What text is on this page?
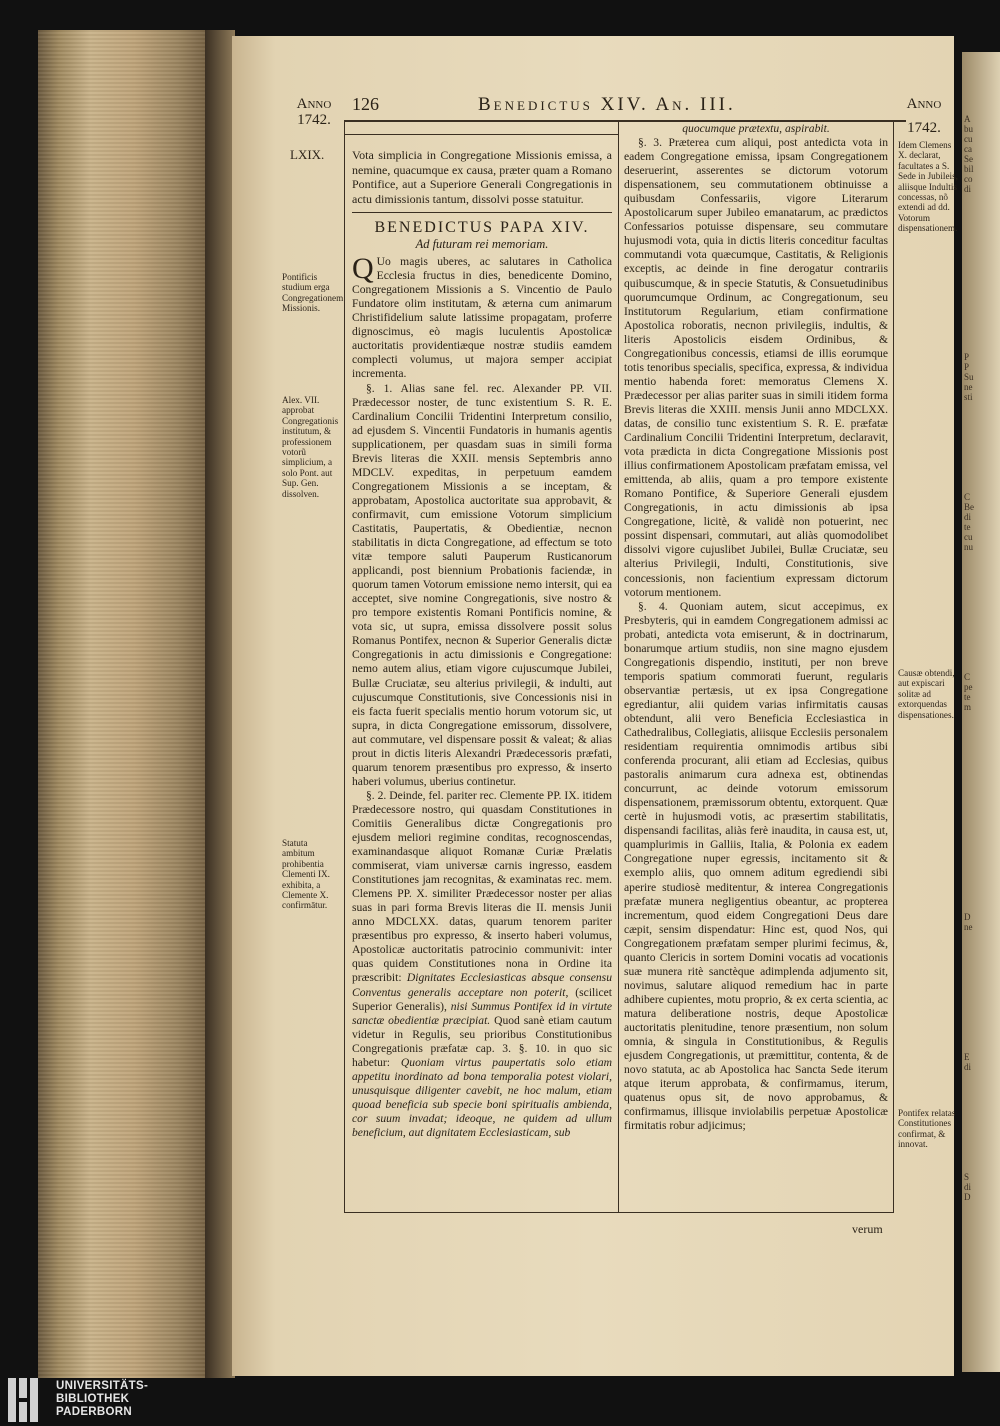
A
bu
cu
ca
Se
bil
co
di
P
P
Su
ne
sti
C
Be
di
te
cu
nu
C
pe
te
m
D
ne
E
di
S
di
D
Anno
1742.
126	Benedictus XIV. An. III.	Anno
1742.
LXIX.
Pontificis studium erga Congregationem Missionis.
Alex. VII. approbat Congregationis institutum, & professionem votorũ simplicium, a solo Pont. aut Sup. Gen. dissolven.
Statuta ambitum prohibentia Clementi IX. exhibita, a Clemente X. confirmātur.
Idem Clemens X. declarat, facultates a S. Sede in Jubileis, aliisque Indultis concessas, nõ extendi ad dd. Votorum dispensationem.
Causæ obtendi, aut expiscari solitæ ad extorquendas dispensationes.
Pontifex relatas Constitutiones confirmat, & innovat.

Vota simplicia in Congregatione Missionis emissa, a nemine, quacumque ex causa, præter quam a Romano Pontifice, aut a Superiore Generali Congregationis in actu dimissionis tantum, dissolvi posse statuitur.

BENEDICTUS PAPA XIV.
Ad futuram rei memoriam.

Q Uo magis uberes, ac salutares in Catholica Ecclesia fructus in dies, benedicente Domino, Congregationem Missionis a S. Vincentio de Paulo Fundatore olim institutam, & æterna cum animarum Christifidelium salute latissime propagatam, proferre dignoscimus, eò magis luculentis Apostolicæ auctoritatis providentiæque nostræ studiis eamdem complecti volumus, ut majora semper accipiat incrementa.

§. 1. Alias sane fel. rec. Alexander PP. VII. Prædecessor noster, de tunc existentium S. R. E. Cardinalium Concilii Tridentini Interpretum consilio, ad ejusdem S. Vincentii Fundatoris in humanis agentis supplicationem, per quasdam suas in simili forma Brevis literas die XXII. mensis Septembris anno MDCLV. expeditas, in perpetuum eamdem Congregationem Missionis a se inceptam, & approbatam, Apostolica auctoritate sua approbavit, & confirmavit, cum emissione Votorum simplicium Castitatis, Paupertatis, & Obedientiæ, necnon stabilitatis in dicta Congregatione, ad effectum se toto vitæ tempore saluti Pauperum Rusticanorum applicandi, post biennium Probationis faciendæ, in quorum tamen Votorum emissione nemo intersit, qui ea acceptet, sive nomine Congregationis, sive nostro & pro tempore existentis Romani Pontificis nomine, & vota sic, ut supra, emissa dissolvere possit solus Romanus Pontifex, necnon & Superior Generalis dictæ Congregationis in actu dimissionis e Congregatione: nemo autem alius, etiam vigore cujuscumque Jubilei, Bullæ Cruciatæ, seu alterius privilegii, & indulti, aut cujuscumque Constitutionis, sive Concessionis nisi in eis facta fuerit specialis mentio horum votorum sic, ut supra, in dicta Congregatione emissorum, dissolvere, aut commutare, vel dispensare possit & valeat; & alias prout in dictis literis Alexandri Prædecessoris præfati, quarum tenorem præsentibus pro expresso, & inserto haberi volumus, uberius continetur.

§. 2. Deinde, fel. pariter rec. Clemente PP. IX. itidem Prædecessore nostro, qui quasdam Constitutiones in Comitiis Generalibus dictæ Congregationis pro ejusdem meliori regimine conditas, recognoscendas, examinandasque aliquot Romanæ Curiæ Prælatis commiserat, viam universæ carnis ingresso, easdem Constitutiones jam recognitas, & examinatas rec. mem. Clemens PP. X. similiter Prædecessor noster per alias suas in pari forma Brevis literas die II. mensis Junii anno MDCLXX. datas, quarum tenorem pariter præsentibus pro expresso, & inserto haberi volumus, Apostolicæ auctoritatis patrocinio communivit: inter quas quidem Constitutiones nona in Ordine ita præscribit: Dignitates Ecclesiasticas absque consensu Conventus generalis acceptare non poterit, (scilicet Superior Generalis), nisi Summus Pontifex id in virtute sanctæ obedientiæ præcipiat. Quod sanè etiam cautum videtur in Regulis, seu prioribus Constitutionibus Congregationis præfatæ cap. 3. §. 10. in quo sic habetur: Quoniam virtus paupertatis solo etiam appetitu inordinato ad bona temporalia potest violari, unusquisque diligenter cavebit, ne hoc malum, etiam quoad beneficia sub specie boni spiritualis ambienda, cor suum invadat; ideoque, ne quidem ad ullum beneficium, aut dignitatem Ecclesiasticam, sub

quocumque prætextu, aspirabit.

§. 3. Præterea cum aliqui, post antedicta vota in eadem Congregatione emissa, ipsam Congregationem deseruerint, asserentes se dictorum votorum dispensationem, seu commutationem obtinuisse a quibusdam Confessariis, vigore Literarum Apostolicarum super Jubileo emanatarum, ac prædictos Confessarios potuisse dispensare, seu commutare hujusmodi vota, quia in dictis literis conceditur facultas commutandi vota quæcumque, Castitatis, & Religionis exceptis, ac deinde in fine derogatur contrariis quibuscumque, & in specie Statutis, & Consuetudinibus quorumcumque Ordinum, ac Congregationum, seu Institutorum Regularium, etiam confirmatione Apostolica roboratis, necnon privilegiis, indultis, & literis Apostolicis eisdem Ordinibus, & Congregationibus concessis, etiamsi de illis eorumque totis tenoribus specialis, specifica, expressa, & individua mentio habenda foret: memoratus Clemens X. Prædecessor per alias pariter suas in simili itidem forma Brevis literas die XXIII. mensis Junii anno MDCLXX. datas, de consilio tunc existentium S. R. E. præfatæ Cardinalium Concilii Tridentini Interpretum, declaravit, vota prædicta in dicta Congregatione Missionis post illius confirmationem Apostolicam præfatam emissa, vel emittenda, ab aliis, quam a pro tempore existente Romano Pontifice, & Superiore Generali ejusdem Congregationis, in actu dimissionis ab ipsa Congregatione, licitè, & validè non potuerint, nec possint dispensari, commutari, aut aliàs quomodolibet dissolvi vigore cujuslibet Jubilei, Bullæ Cruciatæ, seu alterius Privilegii, Indulti, Constitutionis, sive concessionis, non facientium expressam dictorum votorum mentionem.

§. 4. Quoniam autem, sicut accepimus, ex Presbyteris, qui in eamdem Congregationem admissi ac probati, antedicta vota emiserunt, & in doctrinarum, bonarumque artium studiis, non sine magno ejusdem Congregationis dispendio, instituti, per non breve temporis spatium commorati fuerunt, regularis observantiæ pertæsis, ut ex ipsa Congregatione egrediantur, alii quidem varias infirmitatis causas obtendunt, alii vero Beneficia Ecclesiastica in Cathedralibus, Collegiatis, aliisque Ecclesiis personalem residentiam requirentia omnimodis artibus sibi conferenda procurant, alii etiam ad Ecclesias, quibus pastoralis animarum cura adnexa est, obtinendas concurrunt, ac deinde votorum emissorum dispensationem, præmissorum obtentu, extorquent. Quæ certè in hujusmodi votis, ac præsertim stabilitatis, dispensandi facilitas, aliàs ferè inaudita, in causa est, ut, quamplurimis in Galliis, Italia, & Polonia ex eadem Congregatione nuper egressis, incitamento sit & exemplo aliis, quo omnem aditum egrediendi sibi aperire studiosè meditentur, & interea Congregationis præfatæ munera negligentius obeantur, ac propterea incrementum, quod eidem Congregationi Deus dare cæpit, sensim dispendatur: Hinc est, quod Nos, qui Congregationem præfatam semper plurimi fecimus, &, quanto Clericis in sortem Domini vocatis ad vocationis suæ munera ritè sanctèque adimplenda adjumento sit, novimus, salutare aliquod remedium hac in parte adhibere cupientes, motu proprio, & ex certa scientia, ac matura deliberatione nostris, deque Apostolicæ auctoritatis plenitudine, tenore præsentium, non solum omnia, & singula in Constitutionibus, & Regulis ejusdem Congregationis, ut præmittitur, contenta, & de novo statuta, ac ab Apostolica hac Sancta Sede iterum atque iterum approbata, & confirmamus, iterum, quatenus opus sit, de novo approbamus, & confirmamus, illisque inviolabilis perpetuæ Apostolicæ firmitatis robur adjicimus;

verum
UNIVERSITÄTS-
BIBLIOTHEK
PADERBORN
